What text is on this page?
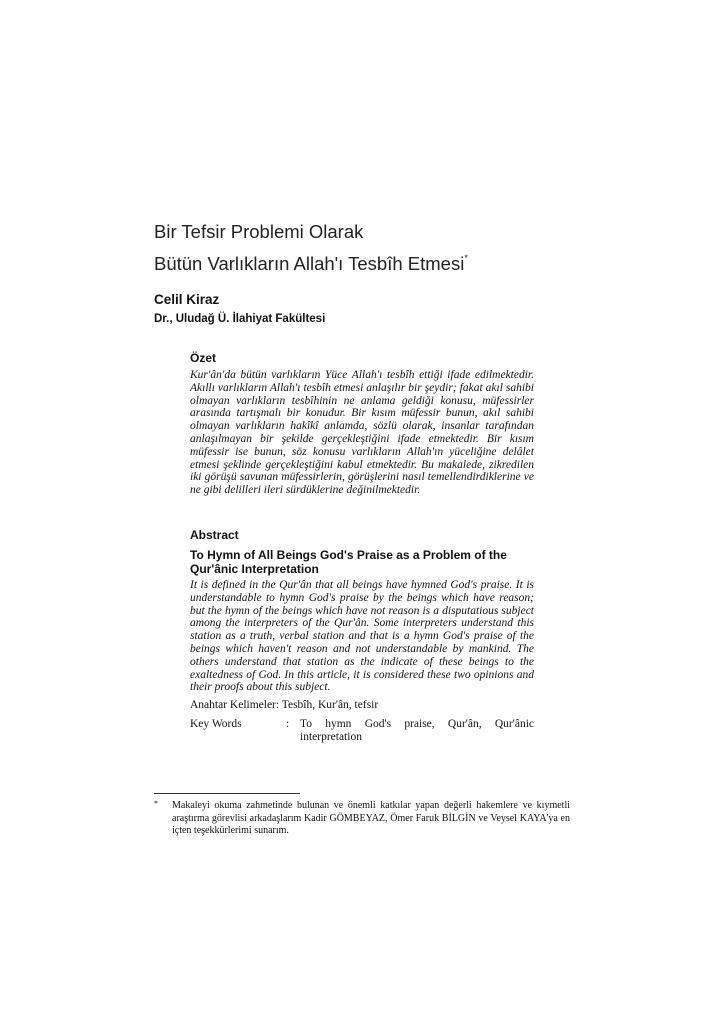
Bir Tefsir Problemi Olarak
Bütün Varlıkların Allah'ı Tesbîh Etmesi*
Celil Kiraz
Dr., Uludağ Ü. İlahiyat Fakültesi
Özet

Kur'ân'da bütün varlıkların Yüce Allah'ı tesbîh ettiği ifade edilmektedir. Akıllı varlıkların Allah'ı tesbîh etmesi anlaşılır bir şeydir; fakat akıl sahibi olmayan varlıkların tesbîhinin ne anlama geldiği konusu, müfessirler arasında tartışmalı bir konudur. Bir kısım müfessir bunun, akıl sahibi olmayan varlıkların hakîkî anlamda, sözlü olarak, insanlar tarafından anlaşılmayan bir şekilde gerçekleştiğini ifade etmektedir. Bir kısım müfessir ise bunun, söz konusu varlıkların Allah'ın yüceliğine delâlet etmesi şeklinde gerçekleştiğini kabul etmektedir. Bu makalede, zikredilen iki görüşü savunan müfessirlerin, görüşlerini nasıl temellendirdiklerine ve ne gibi delilleri ileri sürdüklerine değinilmektedir.

Abstract
To Hymn of All Beings God's Praise as a Problem of the Qur'ânic Interpretation

It is defined in the Qur'ân that all beings have hymned God's praise. It is understandable to hymn God's praise by the beings which have reason; but the hymn of the beings which have not reason is a disputatious subject among the interpreters of the Qur'ân. Some interpreters understand this station as a truth, verbal station and that is a hymn God's praise of the beings which haven't reason and not understandable by mankind. The others understand that station as the indicate of these beings to the exaltedness of God. In this article, it is considered these two opinions and their proofs about this subject.

Anahtar Kelimeler: Tesbîh, Kur'ân, tefsir
Key Words	: To hymn God's praise, Qur'ân, Qur'ânic interpretation
* Makaleyi okuma zahmetinde bulunan ve önemli katkılar yapan değerli hakemlere ve kıymetli araştırma görevlisi arkadaşlarım Kadir GÖMBEYAZ, Ömer Faruk BİLGİN ve Veysel KAYA'ya en içten teşekkürlerimi sunarım.
